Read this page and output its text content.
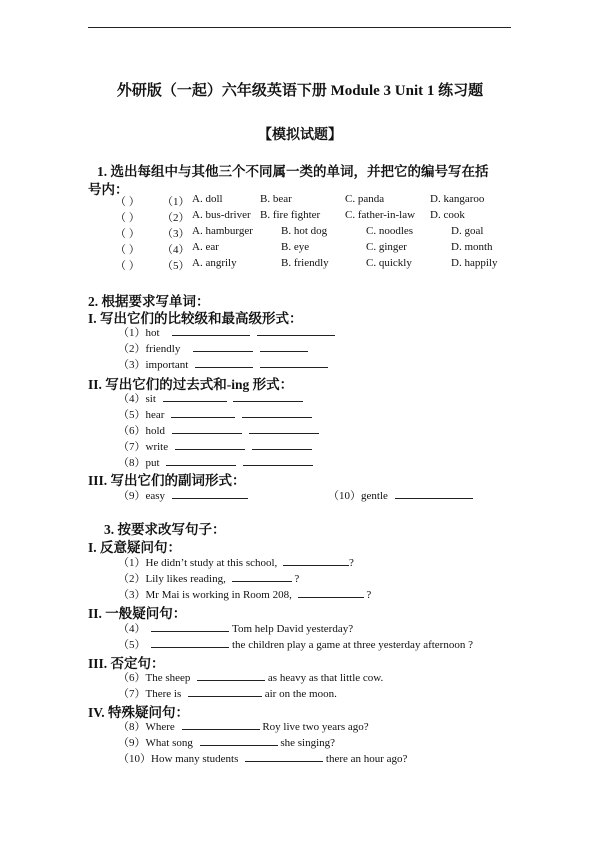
外研版（一起）六年级英语下册 Module 3 Unit 1 练习题
【模拟试题】
1. 选出每组中与其他三个不同属一类的单词，并把它的编号写在括
号内：
（ ） （1） A. doll	B. bear	C. panda	D. kangaroo
（ ） （2） A. bus-driver B. fire fighter C. father-in-law D. cook
（ ） （3） A. hamburger	B. hot dog	C. noodles	D. goal
（ ） （4） A. ear	B. eye	C. ginger	D. month
（ ） （5） A. angrily	B. friendly	C. quickly	D. happily
2. 根据要求写单词：
I. 写出它们的比较级和最高级形式：
（1）hot
（2）friendly
（3）important
II. 写出它们的过去式和-ing 形式：
（4）sit
（5）hear
（6）hold
（7）write
（8）put
III. 写出它们的副词形式：
（9）easy	（10）gentle
3. 按要求改写句子：
I. 反意疑问句：
（1）He didn’t study at this school,	?
（2）Lily likes reading,	?
（3）Mr Mai is working in Room 208,	?
II. 一般疑问句：
（4）	Tom help David yesterday?
（5）	the children play a game at three yesterday afternoon ?
III. 否定句：
（6）The sheep	as heavy as that little cow.
（7）There is	air on the moon.
IV. 特殊疑问句：
（8）Where	Roy live two years ago?
（9）What song	she singing?
（10）How many students	there an hour ago?
